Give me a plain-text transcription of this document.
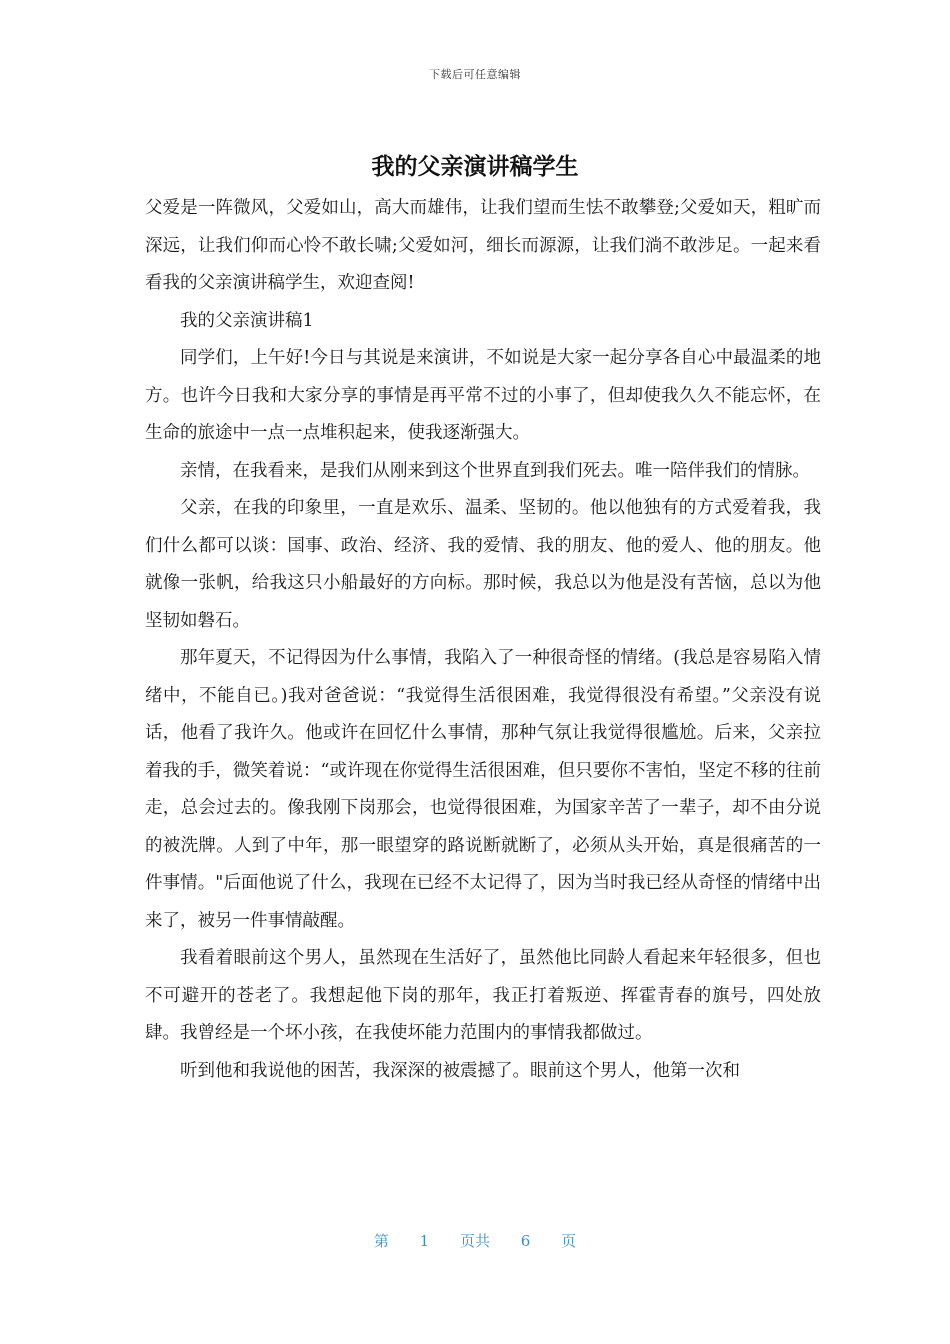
下载后可任意编辑
我的父亲演讲稿学生

父爱是一阵微风，父爱如山，高大而雄伟，让我们望而生怯不敢攀登;父爱如天，粗旷而深远，让我们仰而心怜不敢长啸;父爱如河，细长而源源，让我们淌不敢涉足。一起来看看我的父亲演讲稿学生，欢迎查阅!

我的父亲演讲稿1

同学们，上午好!今日与其说是来演讲，不如说是大家一起分享各自心中最温柔的地方。也许今日我和大家分享的事情是再平常不过的小事了，但却使我久久不能忘怀，在生命的旅途中一点一点堆积起来，使我逐渐强大。

亲情，在我看来，是我们从刚来到这个世界直到我们死去。唯一陪伴我们的情脉。

父亲，在我的印象里，一直是欢乐、温柔、坚韧的。他以他独有的方式爱着我，我们什么都可以谈：国事、政治、经济、我的爱情、我的朋友、他的爱人、他的朋友。他就像一张帆，给我这只小船最好的方向标。那时候，我总以为他是没有苦恼，总以为他坚韧如磐石。

那年夏天，不记得因为什么事情，我陷入了一种很奇怪的情绪。(我总是容易陷入情绪中，不能自已。)我对爸爸说：“我觉得生活很困难，我觉得很没有希望。”父亲没有说话，他看了我许久。他或许在回忆什么事情，那种气氛让我觉得很尴尬。后来，父亲拉着我的手，微笑着说：“或许现在你觉得生活很困难，但只要你不害怕，坚定不移的往前走，总会过去的。像我刚下岗那会，也觉得很困难，为国家辛苦了一辈子，却不由分说的被洗牌。人到了中年，那一眼望穿的路说断就断了，必须从头开始，真是很痛苦的一件事情。"后面他说了什么，我现在已经不太记得了，因为当时我已经从奇怪的情绪中出来了，被另一件事情敲醒。

我看着眼前这个男人，虽然现在生活好了，虽然他比同龄人看起来年轻很多，但也不可避开的苍老了。我想起他下岗的那年，我正打着叛逆、挥霍青春的旗号，四处放肆。我曾经是一个坏小孩，在我使坏能力范围内的事情我都做过。

听到他和我说他的困苦，我深深的被震撼了。眼前这个男人，他第一次和

第 1 页共 6 页
